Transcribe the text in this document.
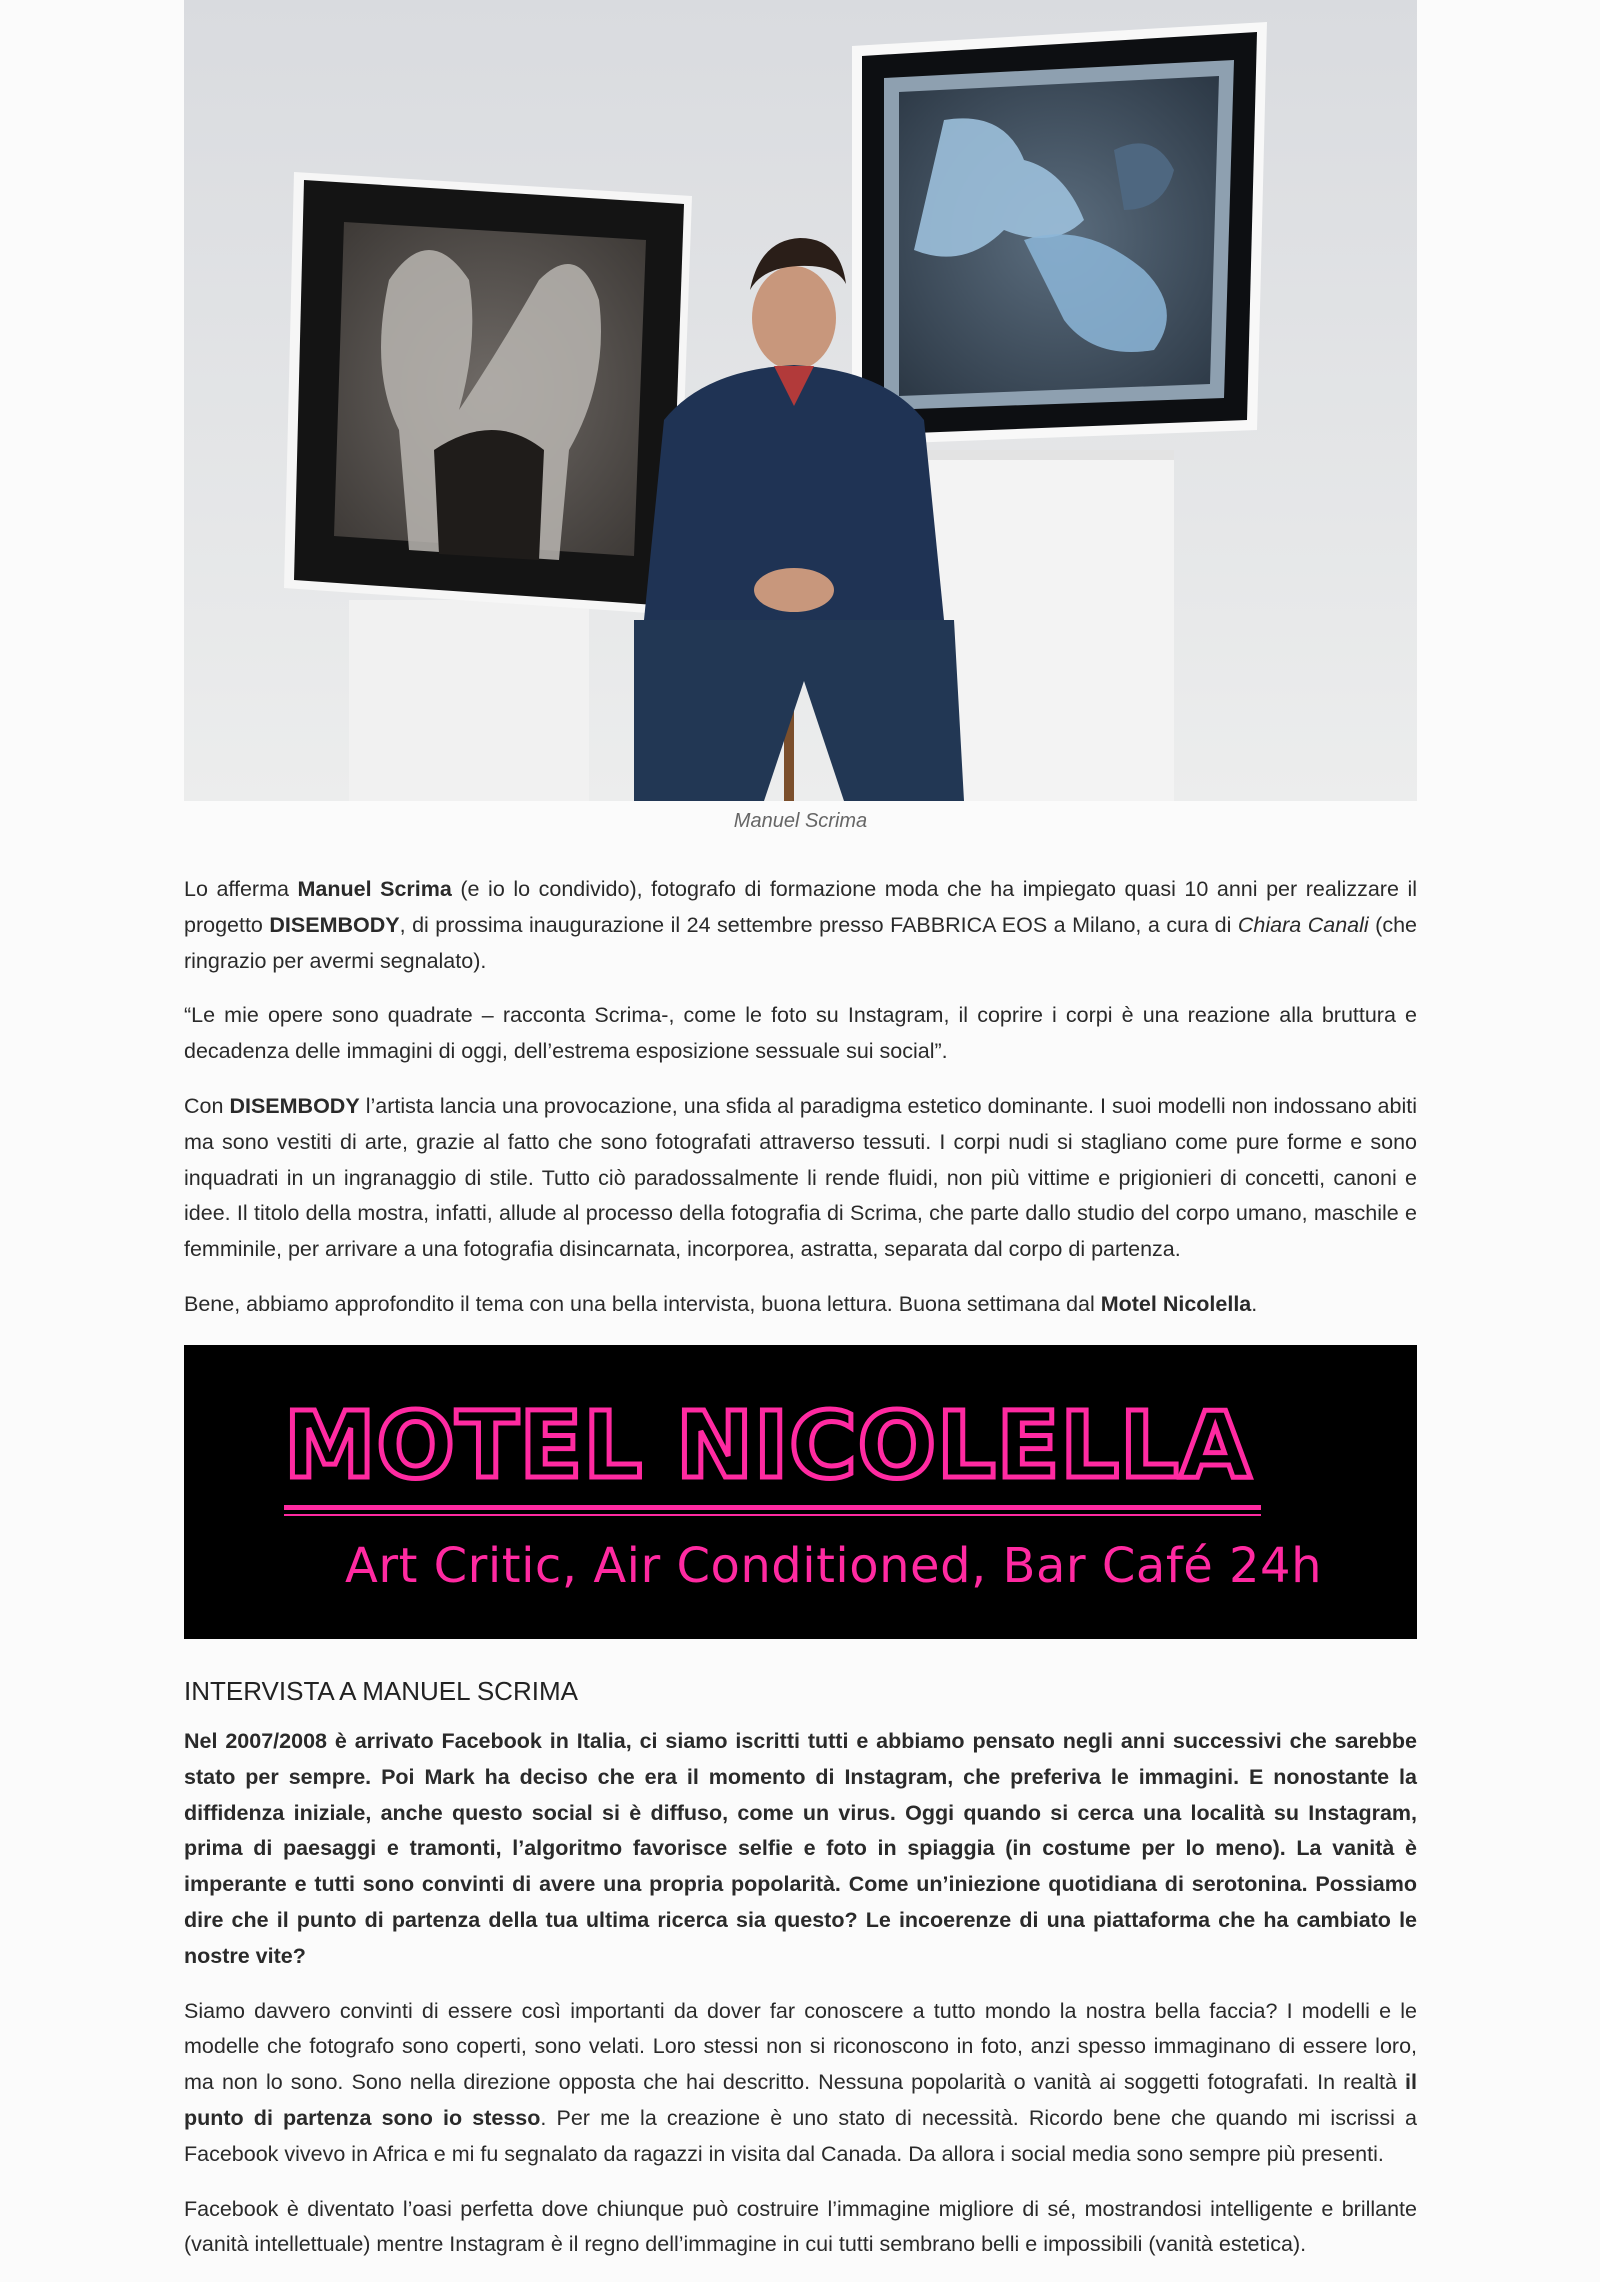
Manuel Scrima

Lo afferma Manuel Scrima (e io lo condivido), fotografo di formazione moda che ha impiegato quasi 10 anni per realizzare il progetto DISEMBODY, di prossima inaugurazione il 24 settembre presso FABBRICA EOS a Milano, a cura di Chiara Canali (che ringrazio per avermi segnalato).

“Le mie opere sono quadrate – racconta Scrima-, come le foto su Instagram, il coprire i corpi è una reazione alla bruttura e decadenza delle immagini di oggi, dell’estrema esposizione sessuale sui social”.

Con DISEMBODY l’artista lancia una provocazione, una sfida al paradigma estetico dominante. I suoi modelli non indossano abiti ma sono vestiti di arte, grazie al fatto che sono fotografati attraverso tessuti. I corpi nudi si stagliano come pure forme e sono inquadrati in un ingranaggio di stile. Tutto ciò paradossalmente li rende fluidi, non più vittime e prigionieri di concetti, canoni e idee. Il titolo della mostra, infatti, allude al processo della fotografia di Scrima, che parte dallo studio del corpo umano, maschile e femminile, per arrivare a una fotografia disincarnata, incorporea, astratta, separata dal corpo di partenza.

Bene, abbiamo approfondito il tema con una bella intervista, buona lettura. Buona settimana dal Motel Nicolella.

MOTEL NICOLELLA
Art Critic, Air Conditioned, Bar Café 24h
INTERVISTA A MANUEL SCRIMA

Nel 2007/2008 è arrivato Facebook in Italia, ci siamo iscritti tutti e abbiamo pensato negli anni successivi che sarebbe stato per sempre. Poi Mark ha deciso che era il momento di Instagram, che preferiva le immagini. E nonostante la diffidenza iniziale, anche questo social si è diffuso, come un virus. Oggi quando si cerca una località su Instagram, prima di paesaggi e tramonti, l’algoritmo favorisce selfie e foto in spiaggia (in costume per lo meno). La vanità è imperante e tutti sono convinti di avere una propria popolarità. Come un’iniezione quotidiana di serotonina. Possiamo dire che il punto di partenza della tua ultima ricerca sia questo? Le incoerenze di una piattaforma che ha cambiato le nostre vite?

Siamo davvero convinti di essere così importanti da dover far conoscere a tutto mondo la nostra bella faccia? I modelli e le modelle che fotografo sono coperti, sono velati. Loro stessi non si riconoscono in foto, anzi spesso immaginano di essere loro, ma non lo sono. Sono nella direzione opposta che hai descritto. Nessuna popolarità o vanità ai soggetti fotografati. In realtà il punto di partenza sono io stesso. Per me la creazione è uno stato di necessità. Ricordo bene che quando mi iscrissi a Facebook vivevo in Africa e mi fu segnalato da ragazzi in visita dal Canada. Da allora i social media sono sempre più presenti.

Facebook è diventato l’oasi perfetta dove chiunque può costruire l’immagine migliore di sé, mostrandosi intelligente e brillante (vanità intellettuale) mentre Instagram è il regno dell’immagine in cui tutti sembrano belli e impossibili (vanità estetica).
